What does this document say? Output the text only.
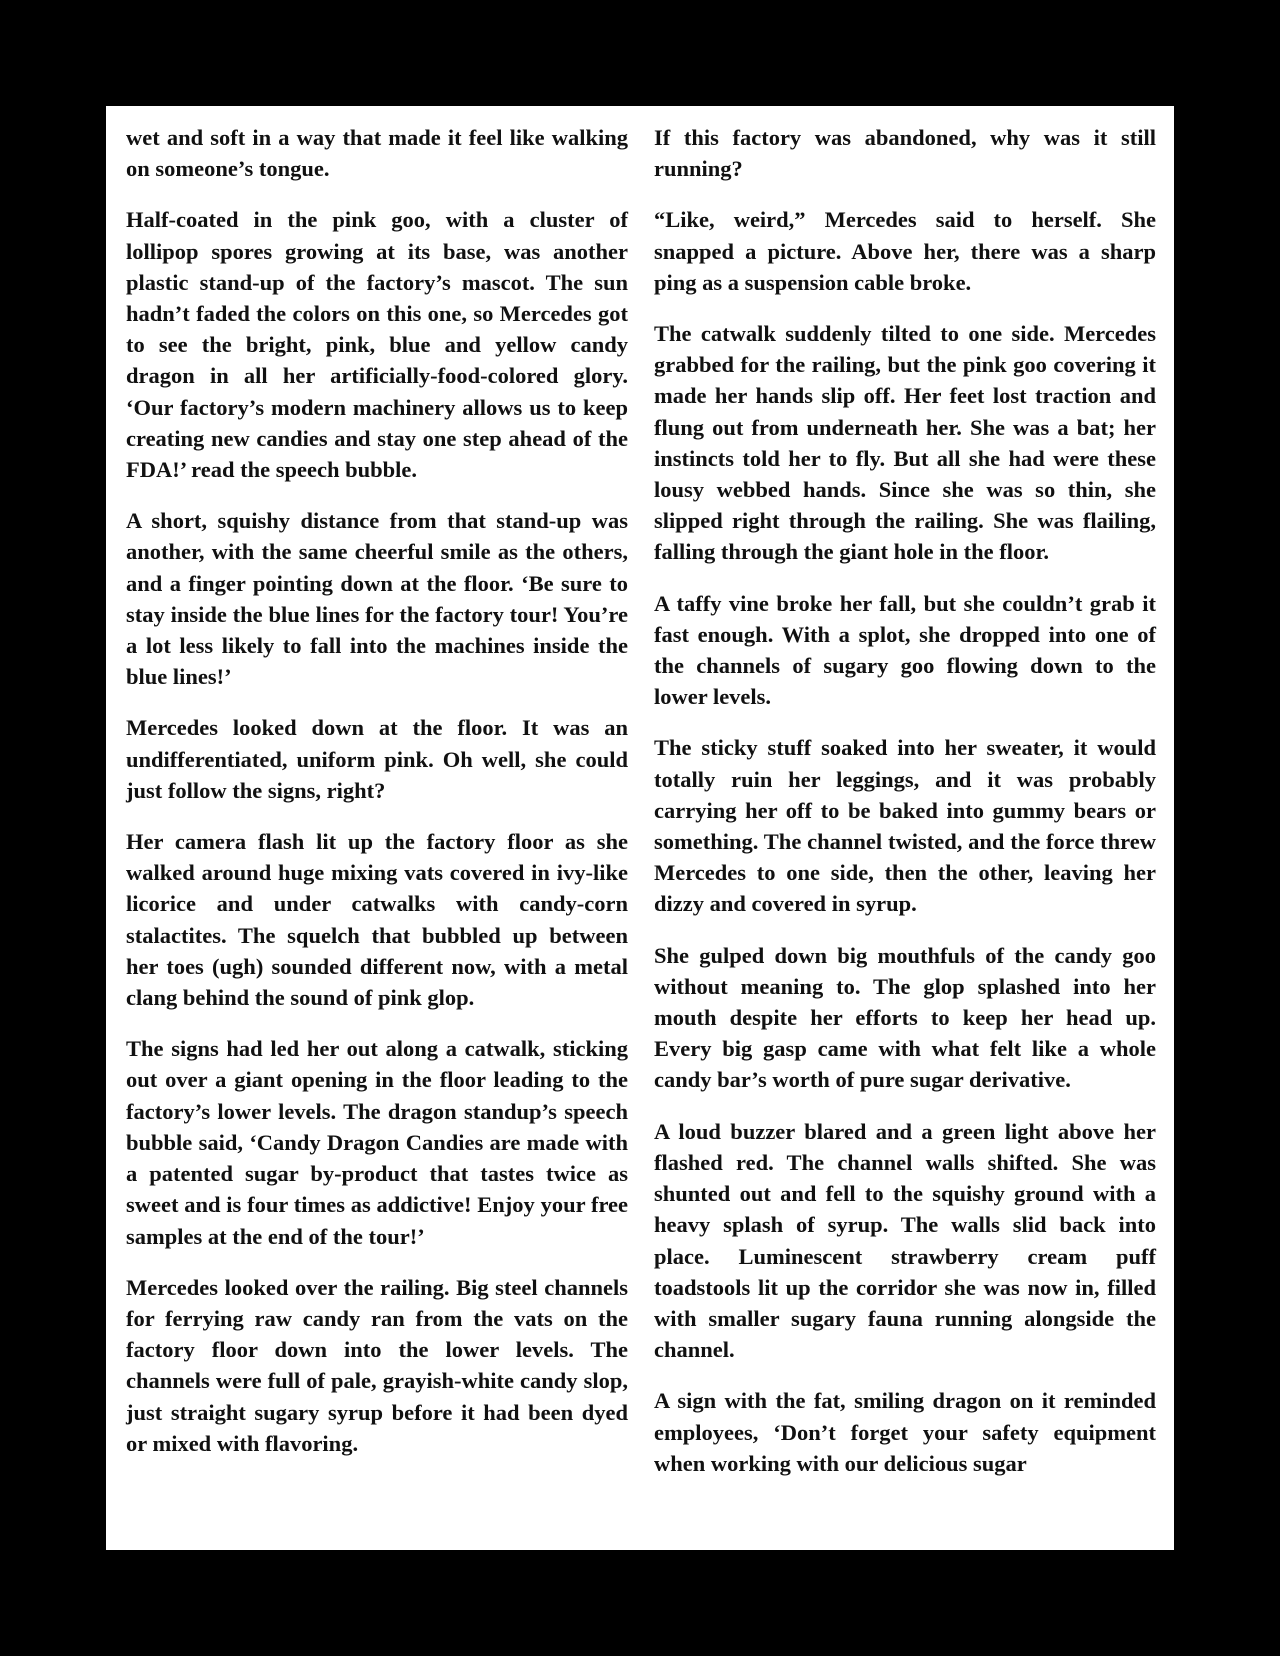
wet and soft in a way that made it feel like walking on someone’s tongue.

Half-coated in the pink goo, with a cluster of lollipop spores growing at its base, was another plastic stand-up of the factory’s mascot. The sun hadn’t faded the colors on this one, so Mercedes got to see the bright, pink, blue and yellow candy dragon in all her artificially-food-colored glory. ‘Our factory’s modern machinery allows us to keep creating new candies and stay one step ahead of the FDA!’ read the speech bubble.

A short, squishy distance from that stand-up was another, with the same cheerful smile as the others, and a finger pointing down at the floor. ‘Be sure to stay inside the blue lines for the factory tour! You’re a lot less likely to fall into the machines inside the blue lines!’

Mercedes looked down at the floor. It was an undifferentiated, uniform pink. Oh well, she could just follow the signs, right?

Her camera flash lit up the factory floor as she walked around huge mixing vats covered in ivy-like licorice and under catwalks with candy-corn stalactites. The squelch that bubbled up between her toes (ugh) sounded different now, with a metal clang behind the sound of pink glop.

The signs had led her out along a catwalk, sticking out over a giant opening in the floor leading to the factory’s lower levels. The dragon standup’s speech bubble said, ‘Candy Dragon Candies are made with a patented sugar by-product that tastes twice as sweet and is four times as addictive! Enjoy your free samples at the end of the tour!’

Mercedes looked over the railing. Big steel channels for ferrying raw candy ran from the vats on the factory floor down into the lower levels. The channels were full of pale, grayish-white candy slop, just straight sugary syrup before it had been dyed or mixed with flavoring.

If this factory was abandoned, why was it still running?

“Like, weird,” Mercedes said to herself. She snapped a picture. Above her, there was a sharp ping as a suspension cable broke.

The catwalk suddenly tilted to one side. Mercedes grabbed for the railing, but the pink goo covering it made her hands slip off. Her feet lost traction and flung out from underneath her. She was a bat; her instincts told her to fly. But all she had were these lousy webbed hands. Since she was so thin, she slipped right through the railing. She was flailing, falling through the giant hole in the floor.

A taffy vine broke her fall, but she couldn’t grab it fast enough. With a splot, she dropped into one of the channels of sugary goo flowing down to the lower levels.

The sticky stuff soaked into her sweater, it would totally ruin her leggings, and it was probably carrying her off to be baked into gummy bears or something. The channel twisted, and the force threw Mercedes to one side, then the other, leaving her dizzy and covered in syrup.

She gulped down big mouthfuls of the candy goo without meaning to. The glop splashed into her mouth despite her efforts to keep her head up. Every big gasp came with what felt like a whole candy bar’s worth of pure sugar derivative.

A loud buzzer blared and a green light above her flashed red. The channel walls shifted. She was shunted out and fell to the squishy ground with a heavy splash of syrup. The walls slid back into place. Luminescent strawberry cream puff toadstools lit up the corridor she was now in, filled with smaller sugary fauna running alongside the channel.

A sign with the fat, smiling dragon on it reminded employees, ‘Don’t forget your safety equipment when working with our delicious sugar
